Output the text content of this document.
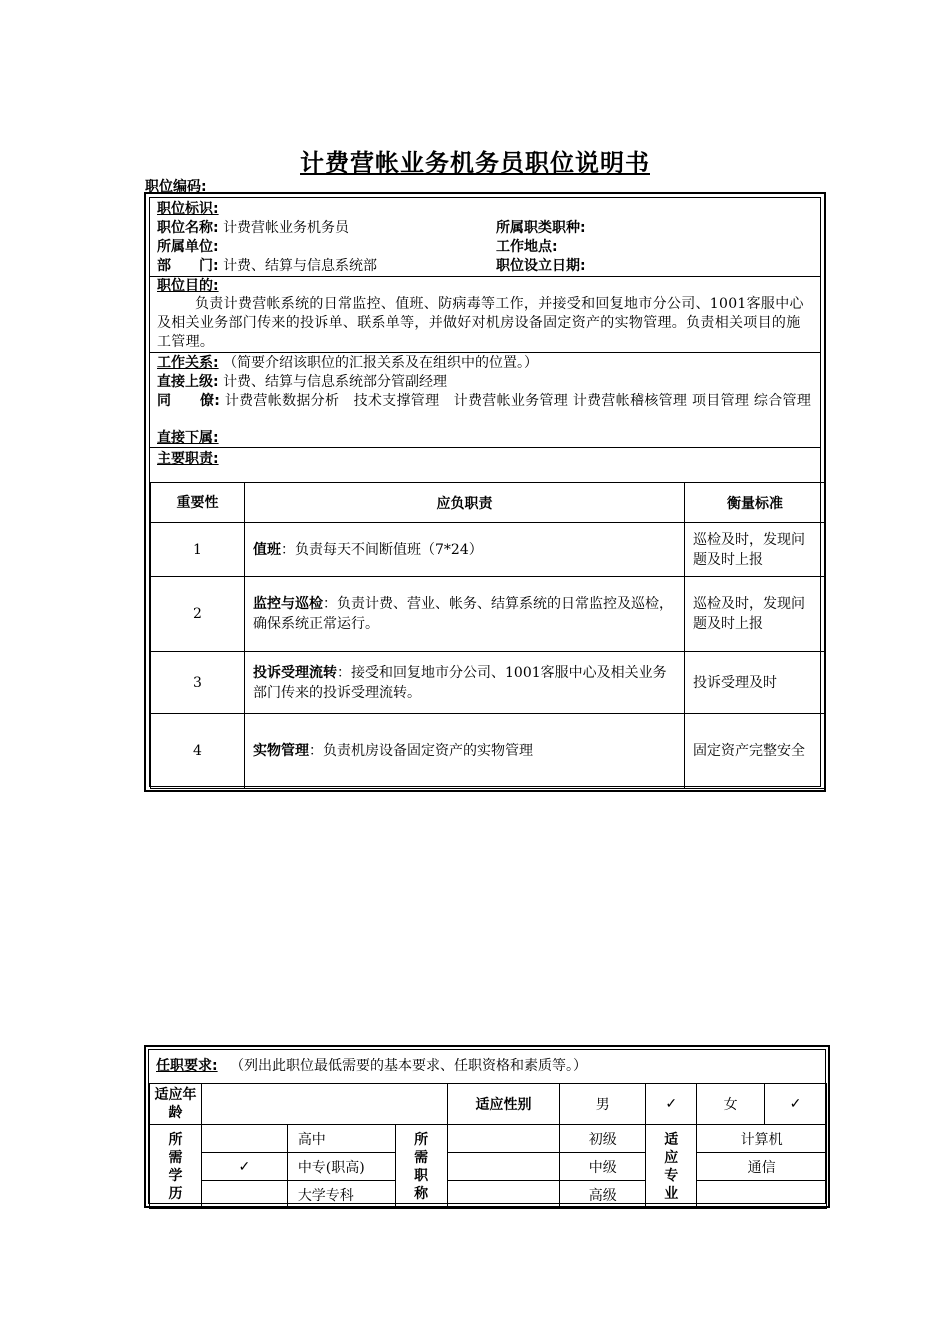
计费营帐业务机务员职位说明书
职位编码:
职位标识:
职位名称: 计费营帐业务机务员	所属职类职种:
所属单位:	工作地点:
部　　门: 计费、结算与信息系统部	职位设立日期:
职位目的:
负责计费营帐系统的日常监控、值班、防病毒等工作，并接受和回复地市分公司、1001客服中心及相关业务部门传来的投诉单、联系单等，并做好对机房设备固定资产的实物管理。负责相关项目的施工管理。
工作关系: （简要介绍该职位的汇报关系及在组织中的位置。）
直接上级: 计费、结算与信息系统部分管副经理
同　　僚: 计费营帐数据分析　技术支撑管理　计费营帐业务管理 计费营帐稽核管理 项目管理 综合管理
直接下属:
主要职责:
重要性	应负职责	衡量标准
1	值班：负责每天不间断值班（7*24）	巡检及时，发现问题及时上报
2	监控与巡检：负责计费、营业、帐务、结算系统的日常监控及巡检，确保系统正常运行。	巡检及时，发现问题及时上报
3	投诉受理流转：接受和回复地市分公司、1001客服中心及相关业务部门传来的投诉受理流转。	投诉受理及时
4	实物管理：负责机房设备固定资产的实物管理	固定资产完整安全
任职要求: （列出此职位最低需要的基本要求、任职资格和素质等。）
适应年龄				适应性别	男	✓	女	✓
所需学历		高中	所需职称		初级	适应专业	计算机	
	✓	中专(职高)			中级		通信	
		大学专科			高级			
